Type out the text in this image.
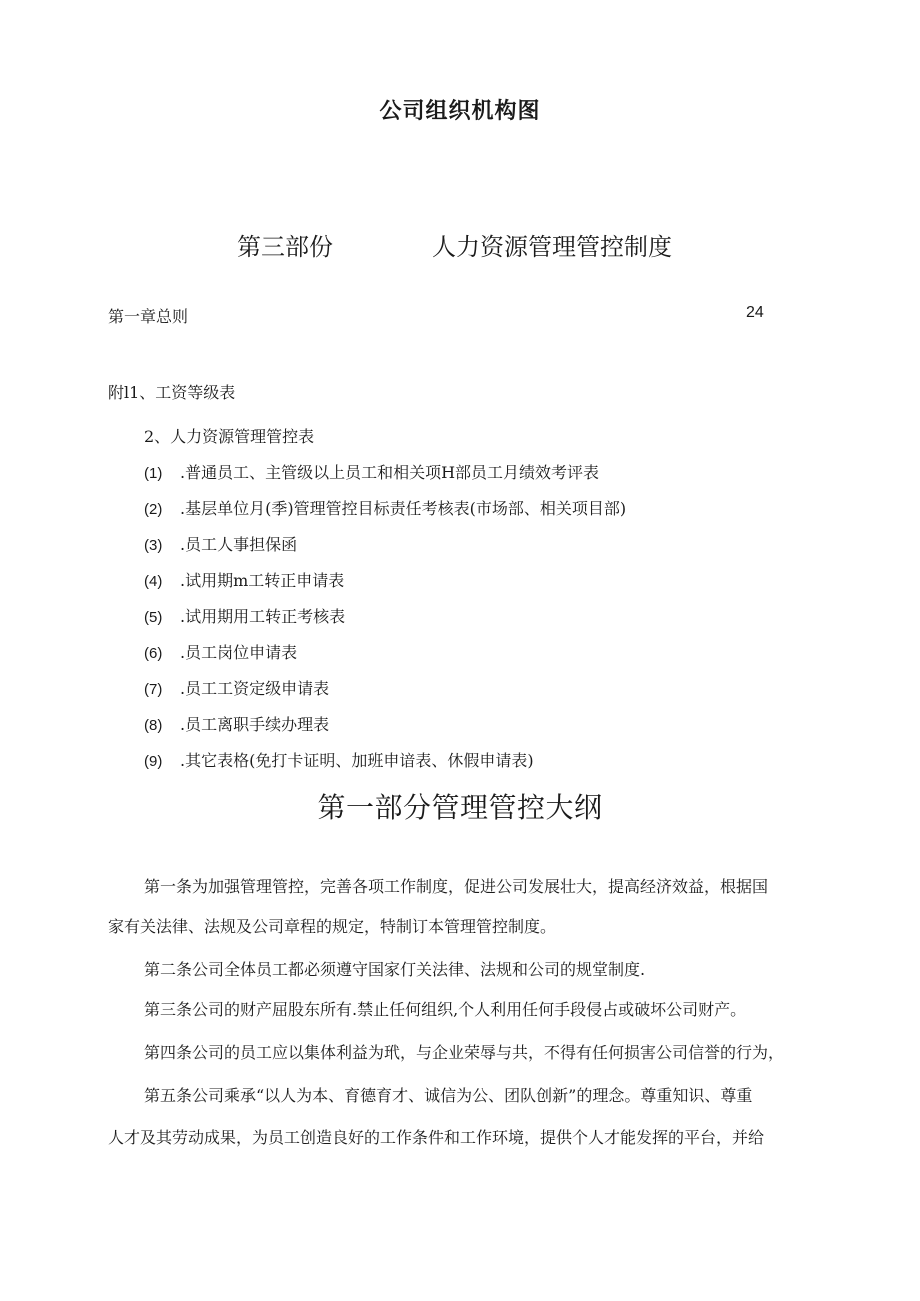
公司组织机构图
第三部份	人力资源管理管控制度
第一章总则	24
附l1、工资等级表
2、人力资源管理管控表
(1) .普通员工、主管级以上员工和相关项H部员工月绩效考评表
(2) .基层单位月(季)管理管控目标责任考核表(市场部、相关项目部)
(3) .员工人事担保函
(4) .试用期m工转正申请表
(5) .试用期用工转正考核表
(6) .员工岗位申请表
(7) .员工工资定级申请表
(8) .员工离职手续办理表
(9) .其它表格(免打卡证明、加班申谙表、休假申请表)
第一部分管理管控大纲
第一条为加强管理管控，完善各项工作制度，促进公司发展壮大，提高经济效益，根据国
家有关法律、法规及公司章程的规定，特制订本管理管控制度。
第二条公司全体员工都必须遵守国家仃关法律、法规和公司的规堂制度.
第三条公司的财产屈股东所有.禁止任何组织,个人利用任何手段侵占或破坏公司财产。
第四条公司的员工应以集体利益为玳，与企业荣辱与共，不得有任何损害公司信誉的行为，
第五条公司乘承“以人为本、育德育才、诚信为公、团队创新”的理念。尊重知识、尊重
人才及其劳动成果，为员工创造良好的工作条件和工作环境，提供个人才能发挥的平台，并给
